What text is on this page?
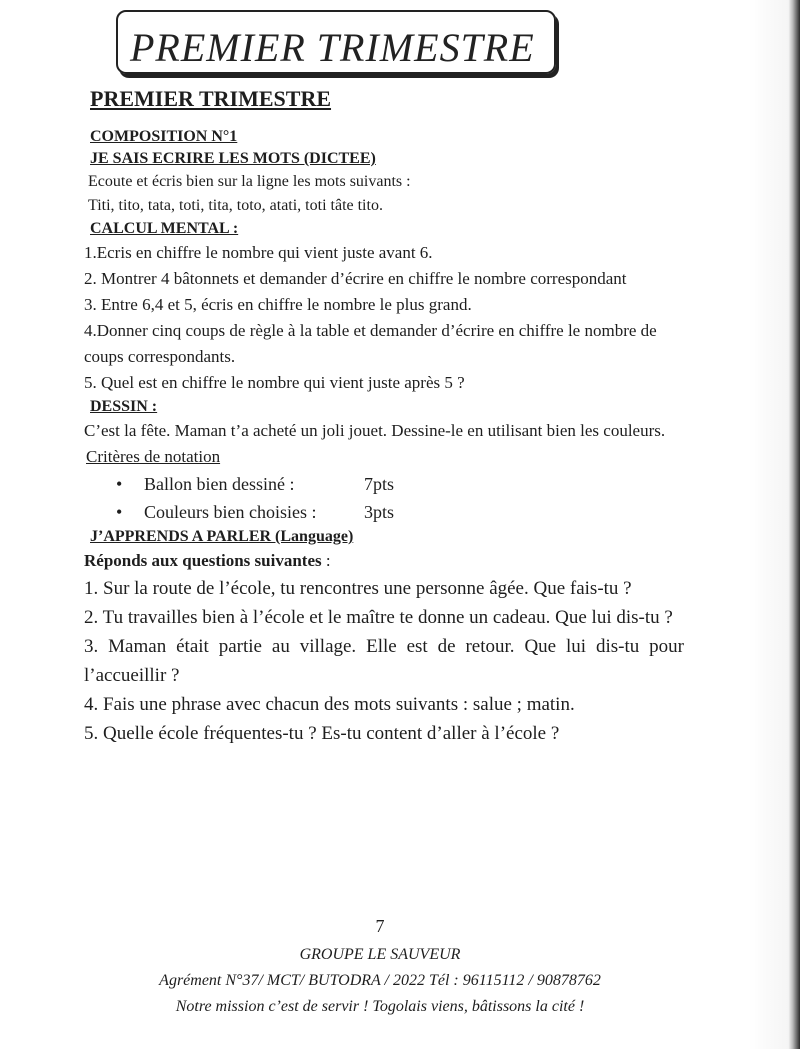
PREMIER TRIMESTRE

PREMIER TRIMESTRE

COMPOSITION N°1

JE SAIS ECRIRE LES MOTS (DICTEE)

Ecoute et écris bien sur la ligne les mots suivants :

Titi, tito, tata, toti, tita, toto, atati, toti tâte tito.

CALCUL MENTAL :

1.Ecris en chiffre le nombre qui vient juste avant 6.

2. Montrer 4 bâtonnets et demander d’écrire en chiffre le nombre correspondant

3. Entre 6,4 et 5, écris en chiffre le nombre le plus grand.

4.Donner cinq coups de règle à la table et demander d’écrire en chiffre le nombre de coups correspondants.

5. Quel est en chiffre le nombre qui vient juste après 5 ?

DESSIN :

C’est la fête. Maman t’a acheté un joli jouet. Dessine-le en utilisant bien les couleurs.

Critères de notation

• Ballon bien dessiné :	7pts
• Couleurs bien choisies :	3pts

J’APPRENDS A PARLER (Language)

Réponds aux questions suivantes :

1. Sur la route de l’école, tu rencontres une personne âgée. Que fais-tu ?

2. Tu travailles bien à l’école et le maître te donne un cadeau. Que lui dis-tu ?

3. Maman était partie au village. Elle est de retour. Que lui dis-tu pour l’accueillir ?

4. Fais une phrase avec chacun des mots suivants : salue ; matin.

5. Quelle école fréquentes-tu ? Es-tu content d’aller à l’école ?

7
GROUPE LE SAUVEUR
Agrément N°37/ MCT/ BUTODRA / 2022 Tél : 96115112 / 90878762
Notre mission c’est de servir ! Togolais viens, bâtissons la cité !
